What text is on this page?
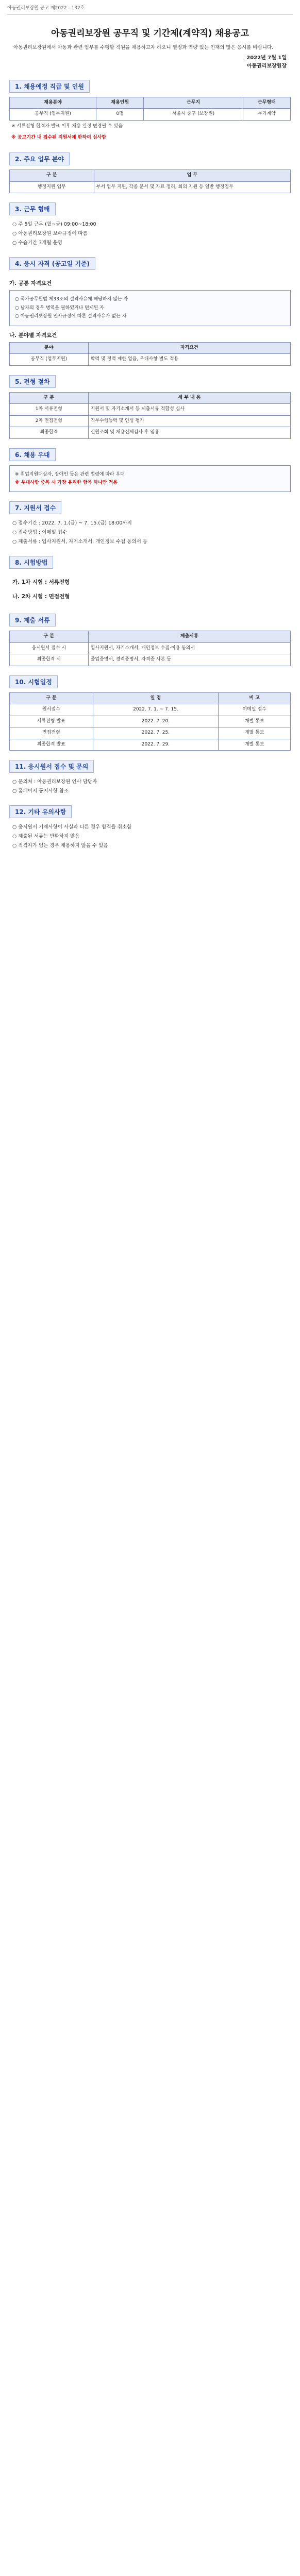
아동권리보장원 공고 제2022 - 132호
아동권리보장원 공무직 및 기간제(계약직) 채용공고
아동권리보장원에서 아동과 관련 업무를 수행할 직원을 채용하고자 하오니 열정과 역량 있는 인재의 많은 응시를 바랍니다.
2022년 7월 1일
아동권리보장원장
1. 채용예정 직급 및 인원
채용분야	채용인원	근무지	근무형태
공무직 (업무지원)	0명	서울시 중구 (보장원)	무기계약
※ 서류전형 합격자 발표 이후 채용 일정 변경될 수 있음
※ 공고기간 내 접수된 지원서에 한하여 심사함
2. 주요 업무 분야
구 분	업 무
행정지원 업무	부서 업무 지원, 각종 문서 및 자료 정리, 회의 지원 등 일반 행정업무
3. 근무 형태
○ 주 5일 근무 (월~금) 09:00~18:00
○ 아동권리보장원 보수규정에 따름
○ 수습기간 3개월 운영
4. 응시 자격 (공고일 기준)
가. 공통 자격요건
○ 국가공무원법 제33조의 결격사유에 해당하지 않는 자
○ 남자의 경우 병역을 필하였거나 면제된 자
○ 아동권리보장원 인사규정에 따른 결격사유가 없는 자
나. 분야별 자격요건
분야	자격요건
공무직 (업무지원)	학력 및 경력 제한 없음, 우대사항 별도 적용
5. 전형 절차
구 분	세 부 내 용
1차 서류전형	지원서 및 자기소개서 등 제출서류 적합성 심사
2차 면접전형	직무수행능력 및 인성 평가
최종합격	신원조회 및 채용신체검사 후 임용
6. 채용 우대
※ 취업지원대상자, 장애인 등은 관련 법령에 따라 우대
※ 우대사항 중복 시 가장 유리한 항목 하나만 적용
7. 지원서 접수
○ 접수기간 : 2022. 7. 1.(금) ~ 7. 15.(금) 18:00까지
○ 접수방법 : 이메일 접수
○ 제출서류 : 입사지원서, 자기소개서, 개인정보 수집 동의서 등
8. 시험방법
가. 1차 시험 : 서류전형
나. 2차 시험 : 면접전형
9. 제출 서류
구 분	제출서류
응시원서 접수 시	입사지원서, 자기소개서, 개인정보 수집·이용 동의서
최종합격 시	졸업증명서, 경력증명서, 자격증 사본 등
10. 시험일정
구 분	일 정	비 고
원서접수	2022. 7. 1. ~ 7. 15.	이메일 접수
서류전형 발표	2022. 7. 20.	개별 통보
면접전형	2022. 7. 25.	개별 통보
최종합격 발표	2022. 7. 29.	개별 통보
11. 응시원서 접수 및 문의
○ 문의처 : 아동권리보장원 인사 담당자
○ 홈페이지 공지사항 참조
12. 기타 유의사항
○ 응시원서 기재사항이 사실과 다른 경우 합격을 취소함
○ 제출된 서류는 반환하지 않음
○ 적격자가 없는 경우 채용하지 않을 수 있음
